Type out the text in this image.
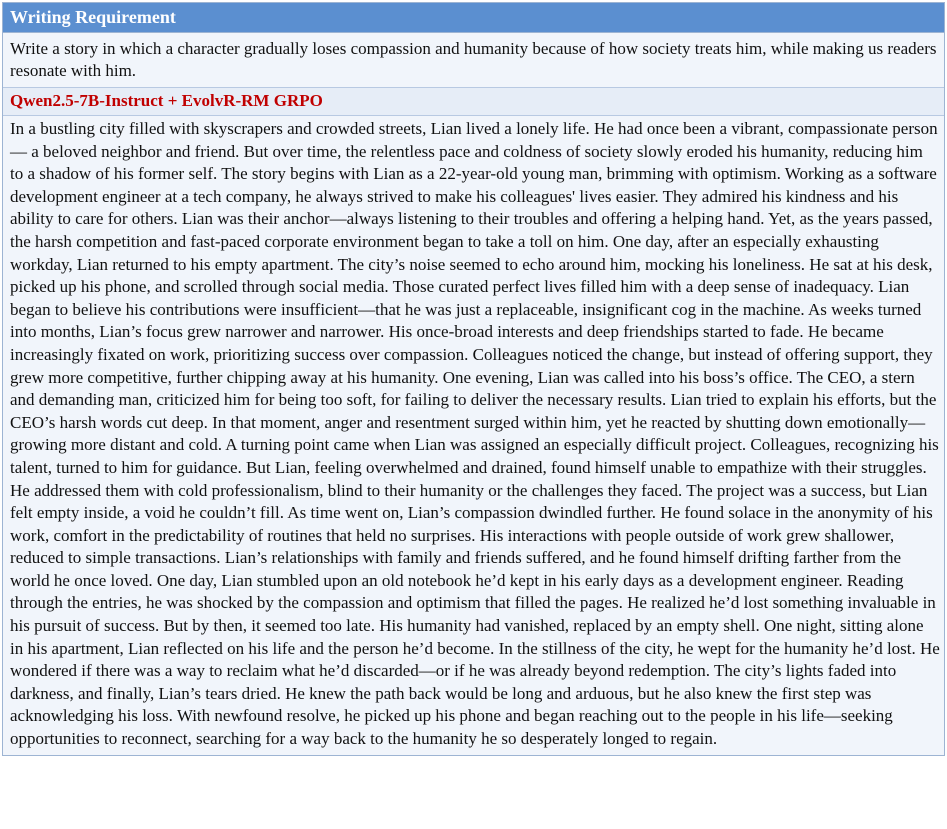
Writing Requirement
Write a story in which a character gradually loses compassion and humanity because of how society treats him, while making us readers resonate with him.
Qwen2.5-7B-Instruct + EvolvR-RM GRPO
In a bustling city filled with skyscrapers and crowded streets, Lian lived a lonely life. He had once been a vibrant, compassionate person— a beloved neighbor and friend. But over time, the relentless pace and coldness of society slowly eroded his humanity, reducing him to a shadow of his former self. The story begins with Lian as a 22-year-old young man, brimming with optimism. Working as a software development engineer at a tech company, he always strived to make his colleagues' lives easier. They admired his kindness and his ability to care for others. Lian was their anchor—always listening to their troubles and offering a helping hand. Yet, as the years passed, the harsh competition and fast-paced corporate environment began to take a toll on him. One day, after an especially exhausting workday, Lian returned to his empty apartment. The city’s noise seemed to echo around him, mocking his loneliness. He sat at his desk, picked up his phone, and scrolled through social media. Those curated perfect lives filled him with a deep sense of inadequacy. Lian began to believe his contributions were insufficient—that he was just a replaceable, insignificant cog in the machine. As weeks turned into months, Lian’s focus grew narrower and narrower. His once-broad interests and deep friendships started to fade. He became increasingly fixated on work, prioritizing success over compassion. Colleagues noticed the change, but instead of offering support, they grew more competitive, further chipping away at his humanity. One evening, Lian was called into his boss’s office. The CEO, a stern and demanding man, criticized him for being too soft, for failing to deliver the necessary results. Lian tried to explain his efforts, but the CEO’s harsh words cut deep. In that moment, anger and resentment surged within him, yet he reacted by shutting down emotionally—growing more distant and cold. A turning point came when Lian was assigned an especially difficult project. Colleagues, recognizing his talent, turned to him for guidance. But Lian, feeling overwhelmed and drained, found himself unable to empathize with their struggles. He addressed them with cold professionalism, blind to their humanity or the challenges they faced. The project was a success, but Lian felt empty inside, a void he couldn’t fill. As time went on, Lian’s compassion dwindled further. He found solace in the anonymity of his work, comfort in the predictability of routines that held no surprises. His interactions with people outside of work grew shallower, reduced to simple transactions. Lian’s relationships with family and friends suffered, and he found himself drifting farther from the world he once loved. One day, Lian stumbled upon an old notebook he’d kept in his early days as a development engineer. Reading through the entries, he was shocked by the compassion and optimism that filled the pages. He realized he’d lost something invaluable in his pursuit of success. But by then, it seemed too late. His humanity had vanished, replaced by an empty shell. One night, sitting alone in his apartment, Lian reflected on his life and the person he’d become. In the stillness of the city, he wept for the humanity he’d lost. He wondered if there was a way to reclaim what he’d discarded—or if he was already beyond redemption. The city’s lights faded into darkness, and finally, Lian’s tears dried. He knew the path back would be long and arduous, but he also knew the first step was acknowledging his loss. With newfound resolve, he picked up his phone and began reaching out to the people in his life—seeking opportunities to reconnect, searching for a way back to the humanity he so desperately longed to regain.
